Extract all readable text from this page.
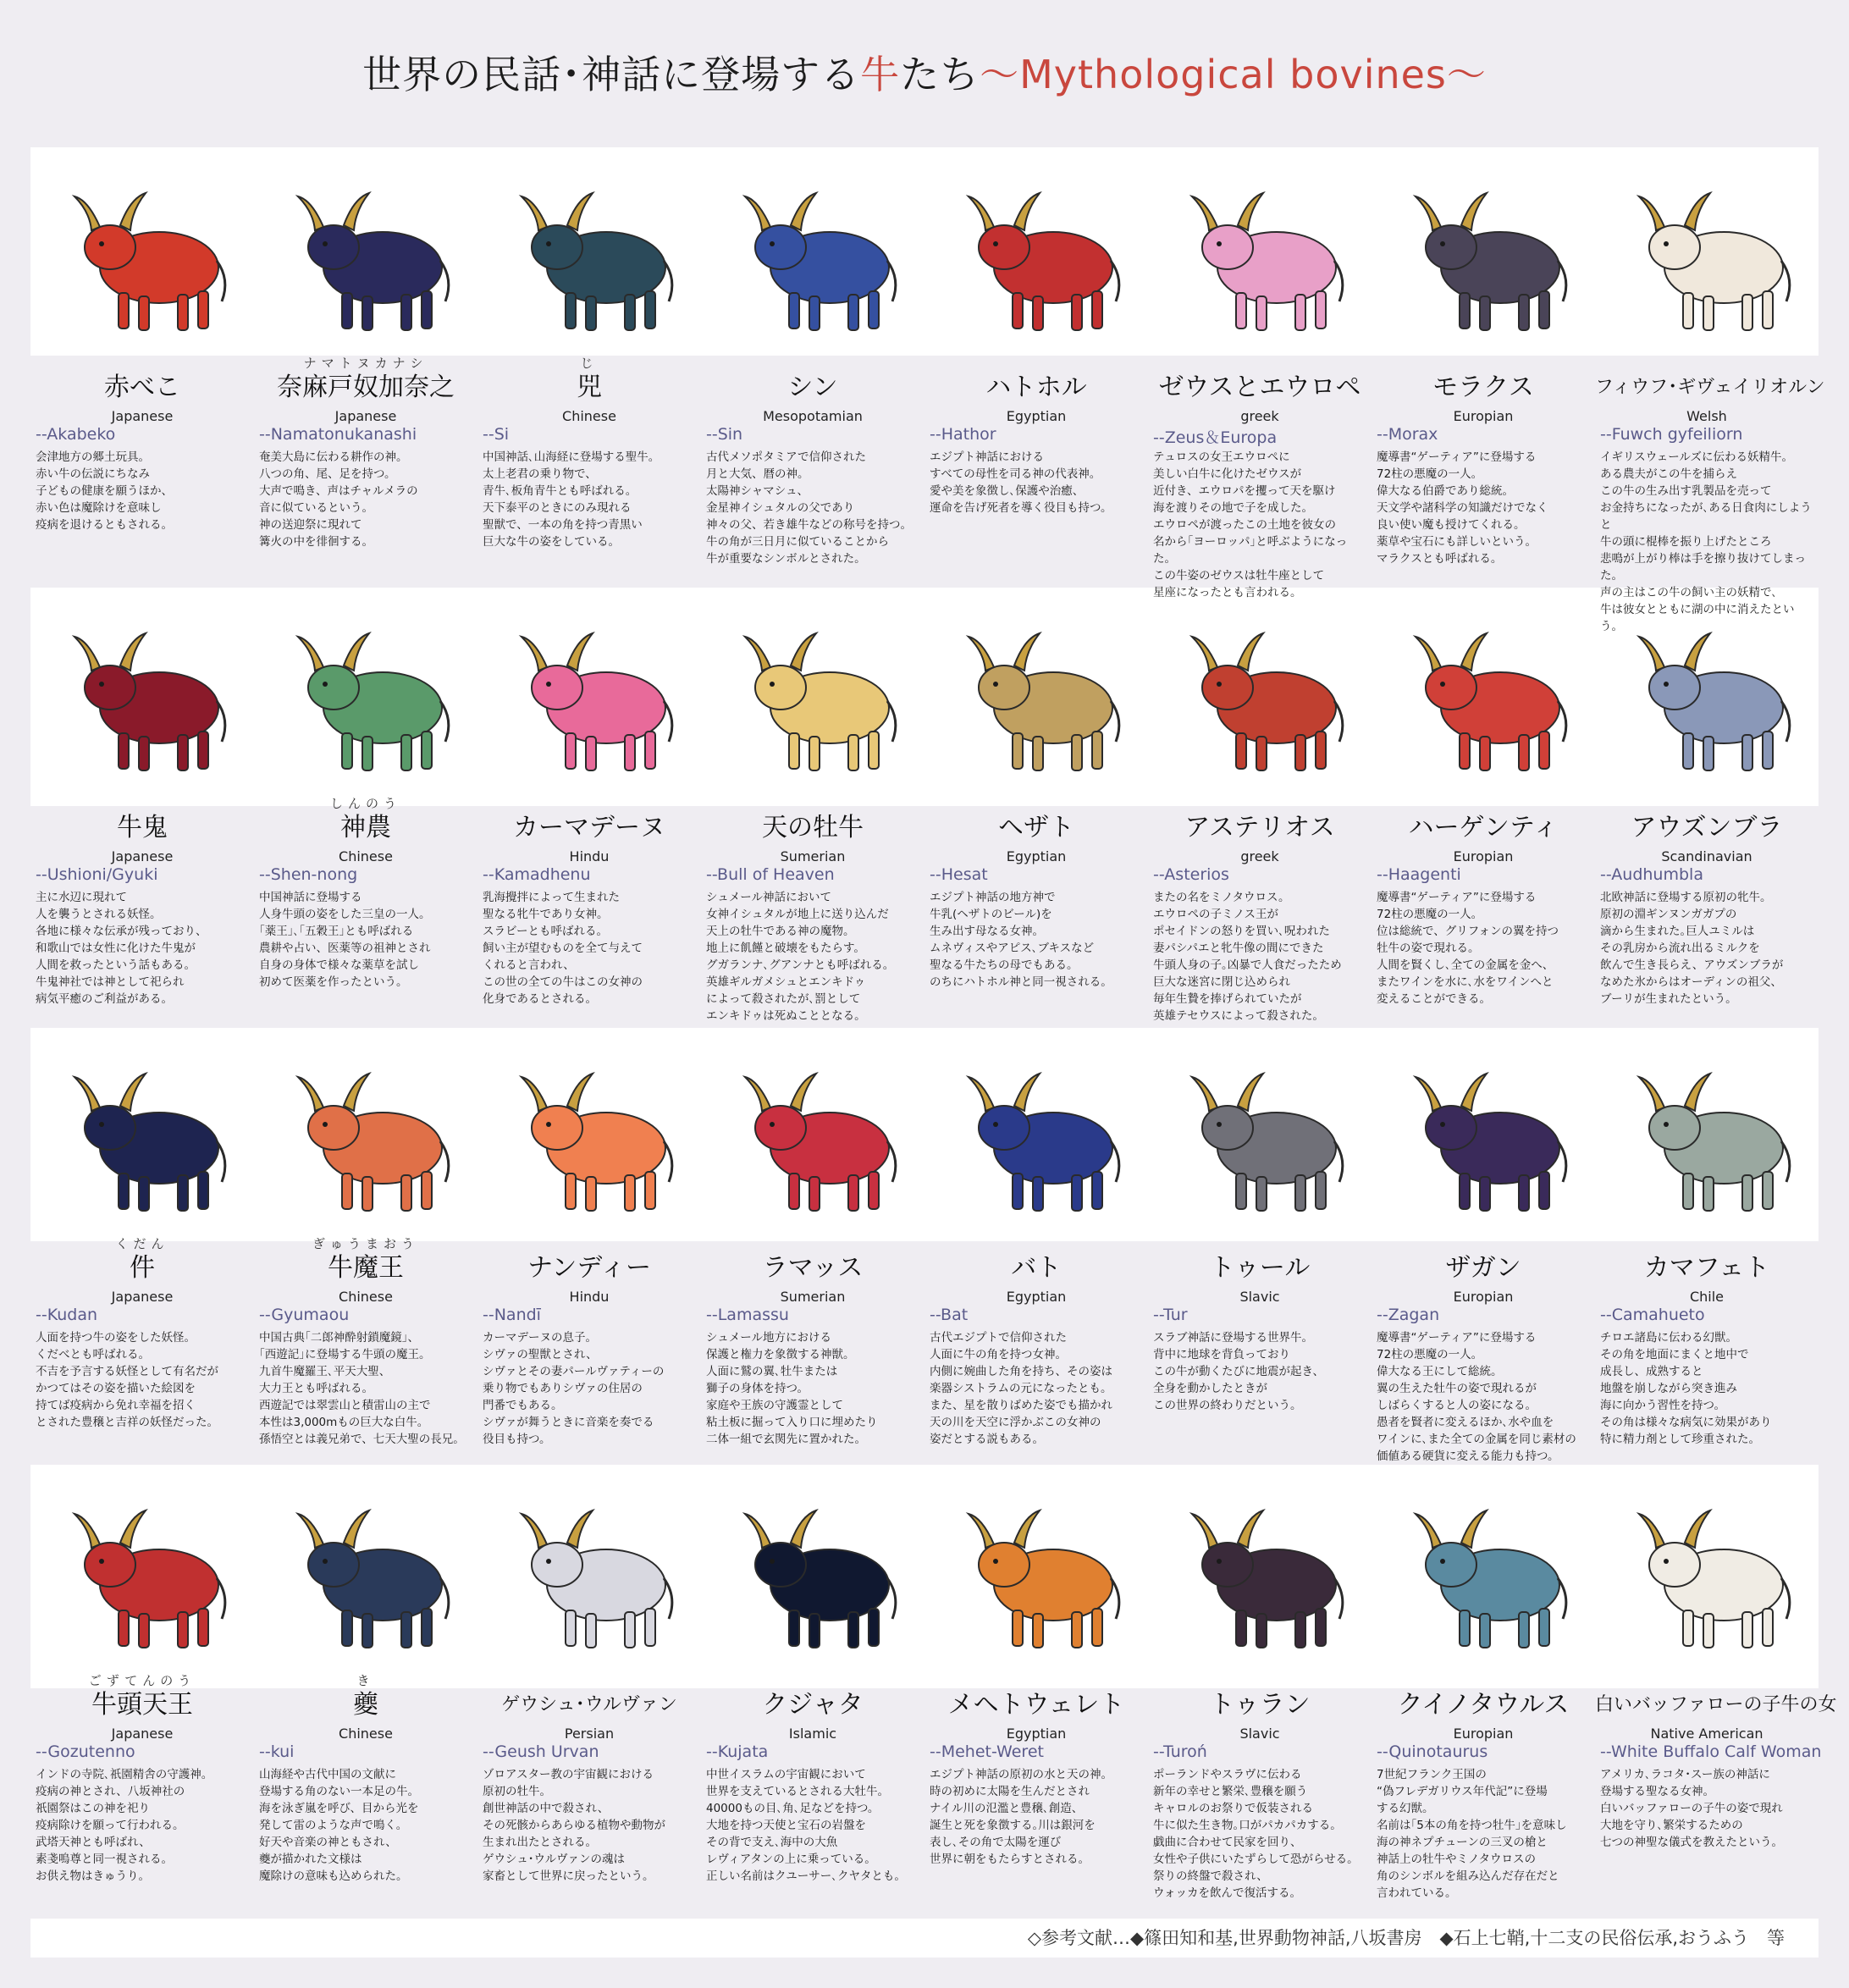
世界の民話･神話に登場する牛たち〜Mythological bovines〜
赤べこ
Japanese
--Akabeko
会津地方の郷土玩具。
赤い牛の伝説にちなみ
子どもの健康を願うほか、
赤い色は魔除けを意味し
疫病を退けるともされる。
ナマトヌカナシ
奈麻戸奴加奈之
Japanese
--Namatonukanashi
奄美大島に伝わる耕作の神。
八つの角、尾、足を持つ。
大声で鳴き、声はチャルメラの
音に似ているという。
神の送迎祭に現れて
篝火の中を徘徊する。
じ
兕
Chinese
--Si
中国神話､山海経に登場する聖牛｡
太上老君の乗り物で、
青牛､板角青牛とも呼ばれる。
天下泰平のときにのみ現れる
聖獣で、一本の角を持つ青黒い
巨大な牛の姿をしている。
シン
Mesopotamian
--Sin
古代メソポタミアで信仰された
月と大気、暦の神。
太陽神シャマシュ、
金星神イシュタルの父であり
神々の父、若き雄牛などの称号を持つ｡
牛の角が三日月に似ていることから
牛が重要なシンボルとされた。
ハトホル
Egyptian
--Hathor
エジプト神話における
すべての母性を司る神の代表神。
愛や美を象徴し､保護や治癒、
運命を告げ死者を導く役目も持つ。
ゼウスとエウロペ
greek
--Zeus＆Europa
テュロスの女王エウロペに
美しい白牛に化けたゼウスが
近付き、エウロパを攫って天を駆け
海を渡りその地で子を成した。
エウロペが渡ったこの土地を彼女の
名から｢ヨーロッパ｣と呼ぶようになった。
この牛姿のゼウスは牡牛座として
星座になったとも言われる。
モラクス
Europian
--Morax
魔導書“ゲーティア”に登場する
72柱の悪魔の一人。
偉大なる伯爵であり総統。
天文学や諸科学の知識だけでなく
良い使い魔も授けてくれる。
薬草や宝石にも詳しいという。
マラクスとも呼ばれる。
フィウフ･ギヴェイリオルン
Welsh
--Fuwch gyfeiliorn
イギリスウェールズに伝わる妖精牛。
ある農夫がこの牛を捕らえ
この牛の生み出す乳製品を売って
お金持ちになったが､ある日食肉にしようと
牛の頭に棍棒を振り上げたところ
悲鳴が上がり棒は手を擦り抜けてしまった。
声の主はこの牛の飼い主の妖精で､
牛は彼女とともに湖の中に消えたという。
牛鬼
Japanese
--Ushioni/Gyuki
主に水辺に現れて
人を襲うとされる妖怪。
各地に様々な伝承が残っており、
和歌山では女性に化けた牛鬼が
人間を救ったという話もある。
牛鬼神社では神として祀られ
病気平癒のご利益がある。
しんのう
神農
Chinese
--Shen-nong
中国神話に登場する
人身牛頭の姿をした三皇の一人。
｢薬王｣､｢五穀王｣とも呼ばれる
農耕や占い、医薬等の祖神とされ
自身の身体で様々な薬草を試し
初めて医薬を作ったという。
カーマデーヌ
Hindu
--Kamadhenu
乳海攪拌によって生まれた
聖なる牝牛であり女神。
スラビーとも呼ばれる。
飼い主が望むものを全て与えて
くれると言われ、
この世の全ての牛はこの女神の
化身であるとされる。
天の牡牛
Sumerian
--Bull of Heaven
シュメール神話において
女神イシュタルが地上に送り込んだ
天上の牡牛である神の魔物。
地上に飢饉と破壊をもたらす。
グガランナ､グアンナとも呼ばれる。
英雄ギルガメシュとエンキドゥ
によって殺されたが､罰として
エンキドゥは死ぬこととなる。
ヘザト
Egyptian
--Hesat
エジプト神話の地方神で
牛乳(ヘザトのビール)を
生み出す母なる女神。
ムネヴィスやアピス､ブキスなど
聖なる牛たちの母でもある。
のちにハトホル神と同一視される。
アステリオス
greek
--Asterios
またの名をミノタウロス。
エウロペの子ミノス王が
ポセイドンの怒りを買い､呪われた
妻パシパエと牝牛像の間にできた
牛頭人身の子｡凶暴で人食だったため
巨大な迷宮に閉じ込められ
毎年生贄を捧げられていたが
英雄テセウスによって殺された。
ハーゲンティ
Europian
--Haagenti
魔導書“ゲーティア”に登場する
72柱の悪魔の一人。
位は総統で、グリフォンの翼を持つ
牡牛の姿で現れる。
人間を賢くし､全ての金属を金へ、
またワインを水に､水をワインへと
変えることができる。
アウズンブラ
Scandinavian
--Audhumbla
北欧神話に登場する原初の牝牛。
原初の淵ギンヌンガガプの
滴から生まれた｡巨人ユミルは
その乳房から流れ出るミルクを
飲んで生き長らえ、アウズンブラが
なめた氷からはオーディンの祖父、
ブーリが生まれたという。
くだん
件
Japanese
--Kudan
人面を持つ牛の姿をした妖怪。
くだべとも呼ばれる。
不吉を予言する妖怪として有名だが
かつてはその姿を描いた絵図を
持てば疫病から免れ幸福を招く
とされた豊穣と吉祥の妖怪だった。
ぎゅうまおう
牛魔王
Chinese
--Gyumaou
中国古典｢二郎神酔射鎖魔鏡｣、
｢西遊記｣に登場する牛頭の魔王。
九首牛魔羅王､平天大聖、
大力王とも呼ばれる。
西遊記では翠雲山と積雷山の主で
本性は3,000mもの巨大な白牛。
孫悟空とは義兄弟で、七天大聖の長兄。
ナンディー
Hindu
--Nandī
カーマデーヌの息子。
シヴァの聖獣とされ、
シヴァとその妻パールヴァティーの
乗り物でもありシヴァの住居の
門番でもある。
シヴァが舞うときに音楽を奏でる
役目も持つ。
ラマッス
Sumerian
--Lamassu
シュメール地方における
保護と権力を象徴する神獣。
人面に鷲の翼､牡牛または
獅子の身体を持つ。
家庭や王族の守護霊として
粘土板に掘って入り口に埋めたり
二体一組で玄関先に置かれた。
バト
Egyptian
--Bat
古代エジプトで信仰された
人面に牛の角を持つ女神。
内側に婉曲した角を持ち、その姿は
楽器シストラムの元になったとも。
また、星を散りばめた姿でも描かれ
天の川を天空に浮かぶこの女神の
姿だとする説もある。
トゥール
Slavic
--Tur
スラブ神話に登場する世界牛。
背中に地球を背負っており
この牛が動くたびに地震が起き、
全身を動かしたときが
この世界の終わりだという。
ザガン
Europian
--Zagan
魔導書“ゲーティア”に登場する
72柱の悪魔の一人。
偉大なる王にして総統。
翼の生えた牡牛の姿で現れるが
しばらくすると人の姿になる。
愚者を賢者に変えるほか､水や血を
ワインに､また全ての金属を同じ素材の
価値ある硬貨に変える能力も持つ。
カマフェト
Chile
--Camahueto
チロエ諸島に伝わる幻獣。
その角を地面にまくと地中で
成長し、成熟すると
地盤を崩しながら突き進み
海に向かう習性を持つ。
その角は様々な病気に効果があり
特に精力剤として珍重された。
ごずてんのう
牛頭天王
Japanese
--Gozutenno
インドの寺院､祇園精舎の守護神。
疫病の神とされ、八坂神社の
祇園祭はこの神を祀り
疫病除けを願って行われる。
武塔天神とも呼ばれ、
素戔嗚尊と同一視される。
お供え物はきゅうり。
き
夔
Chinese
--kui
山海経や古代中国の文献に
登場する角のない一本足の牛。
海を泳ぎ嵐を呼び、目から光を
発して雷のような声で鳴く。
好天や音楽の神ともされ、
夔が描かれた文様は
魔除けの意味も込められた。
ゲウシュ･ウルヴァン
Persian
--Geush Urvan
ゾロアスター教の宇宙観における
原初の牡牛。
創世神話の中で殺され、
その死骸からあらゆる植物や動物が
生まれ出たとされる。
ゲウシュ･ウルヴァンの魂は
家畜として世界に戻ったという。
クジャタ
Islamic
--Kujata
中世イスラムの宇宙観において
世界を支えているとされる大牡牛。
40000もの目､角､足などを持つ。
大地を持つ天使と宝石の岩盤を
その背で支え､海中の大魚
レヴィアタンの上に乗っている。
正しい名前はクユーサー､クヤタとも。
メヘトウェレト
Egyptian
--Mehet-Weret
エジプト神話の原初の水と天の神。
時の初めに太陽を生んだとされ
ナイル川の氾濫と豊穣､創造、
誕生と死を象徴する｡川は銀河を
表し､その角で太陽を運び
世界に朝をもたらすとされる。
トゥラン
Slavic
--Turoń
ポーランドやスラヴに伝わる
新年の幸せと繁栄､豊穣を願う
キャロルのお祭りで仮装される
牛に似た生き物｡口がパカパカする。
戯曲に合わせて民家を回り、
女性や子供にいたずらして恐がらせる。
祭りの終盤で殺され、
ウォッカを飲んで復活する。
クイノタウルス
Europian
--Quinotaurus
7世紀フランク王国の
“偽フレデガリウス年代記”に登場
する幻獣。
名前は｢5本の角を持つ牡牛｣を意味し
海の神ネプチューンの三叉の槍と
神話上の牡牛やミノタウロスの
角のシンボルを組み込んだ存在だと
言われている。
白いバッファローの子牛の女
Native American
--White Buffalo Calf Woman
アメリカ､ラコタ･スー族の神話に
登場する聖なる女神。
白いバッファローの子牛の姿で現れ
大地を守り､繁栄するための
七つの神聖な儀式を教えたという。
◇参考文献…◆篠田知和基,世界動物神話,八坂書房　◆石上七鞘,十二支の民俗伝承,おうふう　等
